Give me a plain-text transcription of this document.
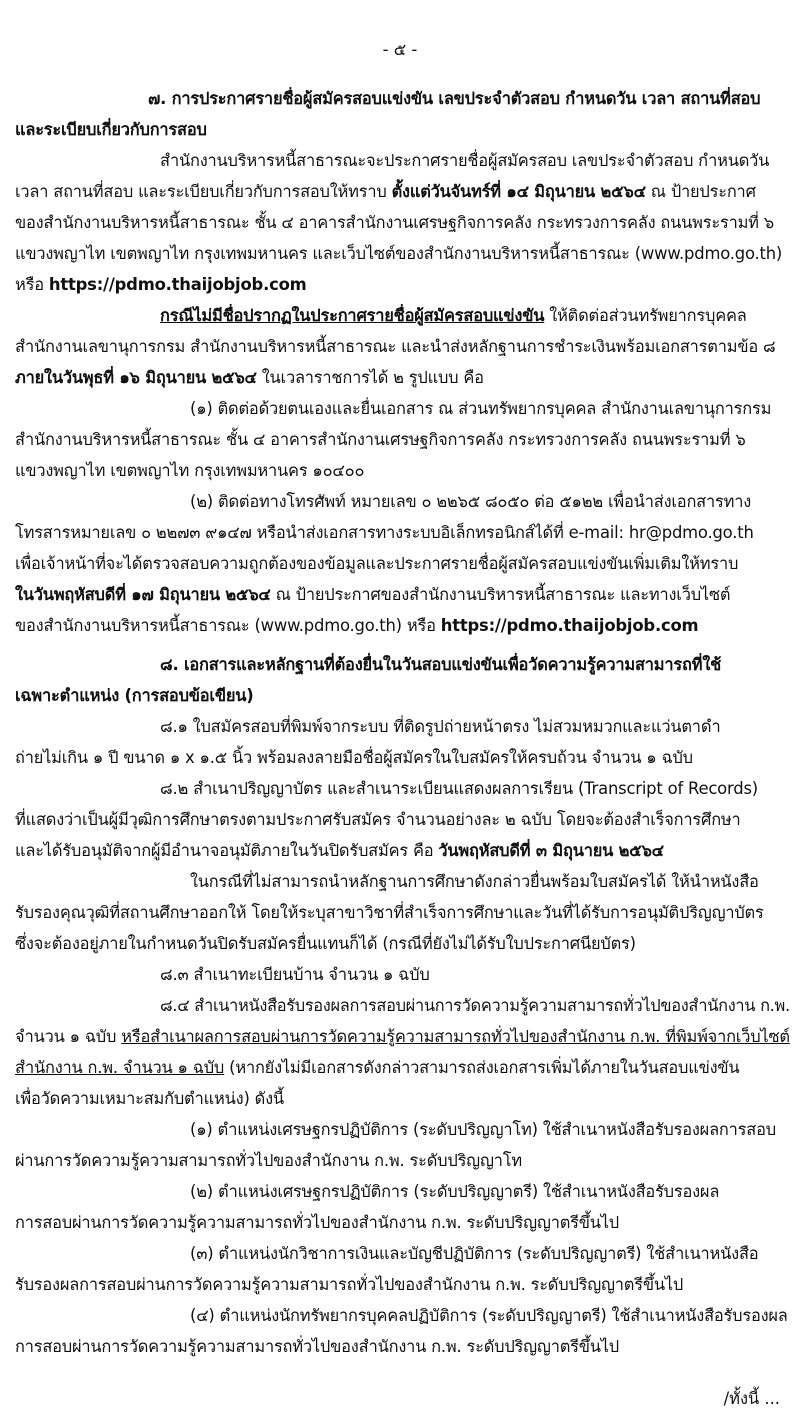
- ๕ -
๗. การประกาศรายชื่อผู้สมัครสอบแข่งขัน เลขประจำตัวสอบ กำหนดวัน เวลา สถานที่สอบ
และระเบียบเกี่ยวกับการสอบ
สำนักงานบริหารหนี้สาธารณะจะประกาศรายชื่อผู้สมัครสอบ เลขประจำตัวสอบ กำหนดวัน
เวลา สถานที่สอบ และระเบียบเกี่ยวกับการสอบให้ทราบ ตั้งแต่วันจันทร์ที่ ๑๔ มิถุนายน ๒๕๖๔ ณ ป้ายประกาศ
ของสำนักงานบริหารหนี้สาธารณะ ชั้น ๔ อาคารสำนักงานเศรษฐกิจการคลัง กระทรวงการคลัง ถนนพระรามที่ ๖
แขวงพญาไท เขตพญาไท กรุงเทพมหานคร และเว็บไซต์ของสำนักงานบริหารหนี้สาธารณะ (www.pdmo.go.th)
หรือ https://pdmo.thaijobjob.com
กรณีไม่มีชื่อปรากฏในประกาศรายชื่อผู้สมัครสอบแข่งขัน ให้ติดต่อส่วนทรัพยากรบุคคล
สำนักงานเลขานุการกรม สำนักงานบริหารหนี้สาธารณะ และนำส่งหลักฐานการชำระเงินพร้อมเอกสารตามข้อ ๘
ภายในวันพุธที่ ๑๖ มิถุนายน ๒๕๖๔ ในเวลาราชการได้ ๒ รูปแบบ คือ
(๑) ติดต่อด้วยตนเองและยื่นเอกสาร ณ ส่วนทรัพยากรบุคคล สำนักงานเลขานุการกรม
สำนักงานบริหารหนี้สาธารณะ ชั้น ๔ อาคารสำนักงานเศรษฐกิจการคลัง กระทรวงการคลัง ถนนพระรามที่ ๖
แขวงพญาไท เขตพญาไท กรุงเทพมหานคร ๑๐๔๐๐
(๒) ติดต่อทางโทรศัพท์ หมายเลข ๐ ๒๒๖๕ ๘๐๕๐ ต่อ ๕๑๒๒ เพื่อนำส่งเอกสารทาง
โทรสารหมายเลข ๐ ๒๒๗๓ ๙๑๔๗ หรือนำส่งเอกสารทางระบบอิเล็กทรอนิกส์ได้ที่ e-mail: hr@pdmo.go.th
เพื่อเจ้าหน้าที่จะได้ตรวจสอบความถูกต้องของข้อมูลและประกาศรายชื่อผู้สมัครสอบแข่งขันเพิ่มเติมให้ทราบ
ในวันพฤหัสบดีที่ ๑๗ มิถุนายน ๒๕๖๔ ณ ป้ายประกาศของสำนักงานบริหารหนี้สาธารณะ และทางเว็บไซต์
ของสำนักงานบริหารหนี้สาธารณะ (www.pdmo.go.th) หรือ https://pdmo.thaijobjob.com
๘. เอกสารและหลักฐานที่ต้องยื่นในวันสอบแข่งขันเพื่อวัดความรู้ความสามารถที่ใช้
เฉพาะตำแหน่ง (การสอบข้อเขียน)
๘.๑ ใบสมัครสอบที่พิมพ์จากระบบ ที่ติดรูปถ่ายหน้าตรง ไม่สวมหมวกและแว่นตาดำ
ถ่ายไม่เกิน ๑ ปี ขนาด ๑ x ๑.๕ นิ้ว พร้อมลงลายมือชื่อผู้สมัครในใบสมัครให้ครบถ้วน จำนวน ๑ ฉบับ
๘.๒ สำเนาปริญญาบัตร และสำเนาระเบียนแสดงผลการเรียน (Transcript of Records)
ที่แสดงว่าเป็นผู้มีวุฒิการศึกษาตรงตามประกาศรับสมัคร จำนวนอย่างละ ๒ ฉบับ โดยจะต้องสำเร็จการศึกษา
และได้รับอนุมัติจากผู้มีอำนาจอนุมัติภายในวันปิดรับสมัคร คือ วันพฤหัสบดีที่ ๓ มิถุนายน ๒๕๖๔
ในกรณีที่ไม่สามารถนำหลักฐานการศึกษาดังกล่าวยื่นพร้อมใบสมัครได้ ให้นำหนังสือ
รับรองคุณวุฒิที่สถานศึกษาออกให้ โดยให้ระบุสาขาวิชาที่สำเร็จการศึกษาและวันที่ได้รับการอนุมัติปริญญาบัตร
ซึ่งจะต้องอยู่ภายในกำหนดวันปิดรับสมัครยื่นแทนก็ได้ (กรณีที่ยังไม่ได้รับใบประกาศนียบัตร)
๘.๓ สำเนาทะเบียนบ้าน จำนวน ๑ ฉบับ
๘.๔ สำเนาหนังสือรับรองผลการสอบผ่านการวัดความรู้ความสามารถทั่วไปของสำนักงาน ก.พ.
จำนวน ๑ ฉบับ หรือสำเนาผลการสอบผ่านการวัดความรู้ความสามารถทั่วไปของสำนักงาน ก.พ. ที่พิมพ์จากเว็บไซต์
สำนักงาน ก.พ. จำนวน ๑ ฉบับ (หากยังไม่มีเอกสารดังกล่าวสามารถส่งเอกสารเพิ่มได้ภายในวันสอบแข่งขัน
เพื่อวัดความเหมาะสมกับตำแหน่ง) ดังนี้
(๑) ตำแหน่งเศรษฐกรปฏิบัติการ (ระดับปริญญาโท) ใช้สำเนาหนังสือรับรองผลการสอบ
ผ่านการวัดความรู้ความสามารถทั่วไปของสำนักงาน ก.พ. ระดับปริญญาโท
(๒) ตำแหน่งเศรษฐกรปฏิบัติการ (ระดับปริญญาตรี) ใช้สำเนาหนังสือรับรองผล
การสอบผ่านการวัดความรู้ความสามารถทั่วไปของสำนักงาน ก.พ. ระดับปริญญาตรีขึ้นไป
(๓) ตำแหน่งนักวิชาการเงินและบัญชีปฏิบัติการ (ระดับปริญญาตรี) ใช้สำเนาหนังสือ
รับรองผลการสอบผ่านการวัดความรู้ความสามารถทั่วไปของสำนักงาน ก.พ. ระดับปริญญาตรีขึ้นไป
(๔) ตำแหน่งนักทรัพยากรบุคคลปฏิบัติการ (ระดับปริญญาตรี) ใช้สำเนาหนังสือรับรองผล
การสอบผ่านการวัดความรู้ความสามารถทั่วไปของสำนักงาน ก.พ. ระดับปริญญาตรีขึ้นไป
/ทั้งนี้ ...
